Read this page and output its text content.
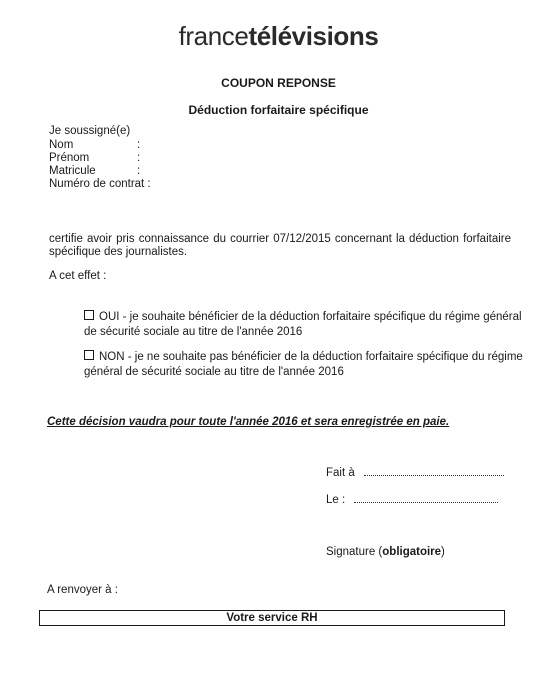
francetélévisions
COUPON REPONSE
Déduction forfaitaire spécifique
Je soussigné(e)
Nom	:
Prénom	:
Matricule	:
Numéro de contrat :
certifie avoir pris connaissance du courrier 07/12/2015 concernant la déduction forfaitaire spécifique des journalistes.
A cet effet :
OUI - je souhaite bénéficier de la déduction forfaitaire spécifique du régime général
de sécurité sociale au titre de l'année 2016
NON - je ne souhaite pas bénéficier de la déduction forfaitaire spécifique du régime
général de sécurité sociale au titre de l'année 2016
Cette décision vaudra pour toute l'année 2016 et sera enregistrée en paie.
Fait à
Le :
Signature (obligatoire)
A renvoyer à :
Votre service RH
